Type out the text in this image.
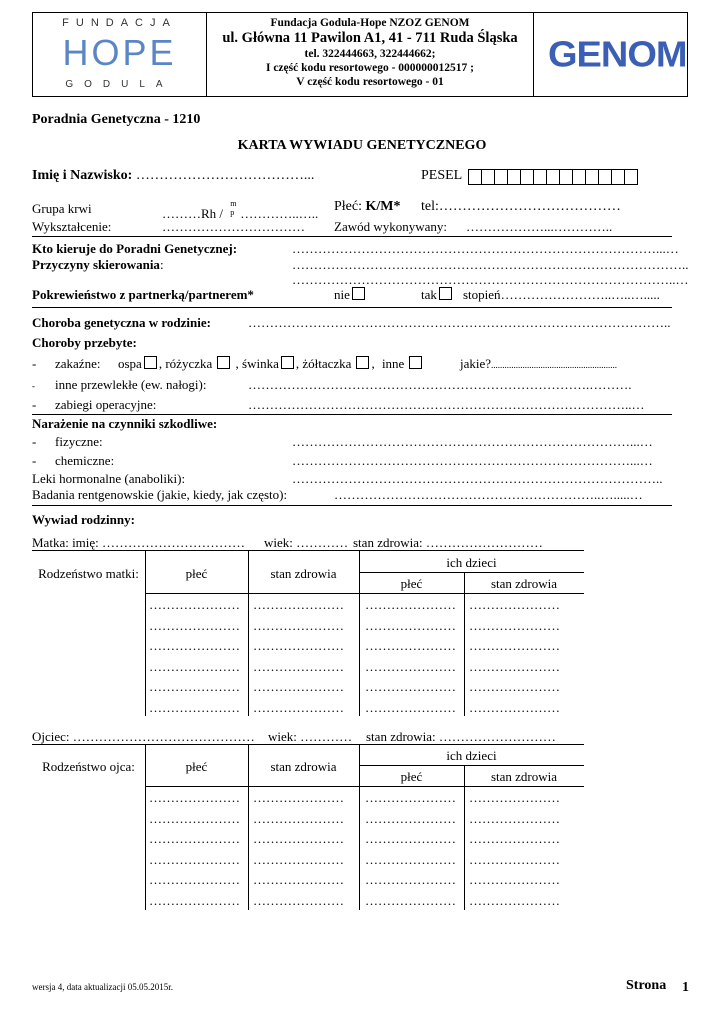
FUNDACJA
HOPE
GODULA
Fundacja Godula-Hope NZOZ GENOM
ul. Główna 11 Pawilon A1, 41 - 711 Ruda Śląska
tel. 322444663, 322444662;
I część kodu resortowego - 000000012517 ;
V część kodu resortowego - 01
GENOM
Poradnia Genetyczna - 1210
KARTA WYWIADU GENETYCZNEGO
Imię i Nazwisko: ………………………………...	PESEL
Grupa krwi	………Rh / m
p …………..….. Płeć: K/M* tel:…………………………………
Wykształcenie:	…………………………… Zawód wykonywany: ………………...…………..
Kto kieruje do Poradni Genetycznej:	…………………………………………………………………………...…
Przyczyny skierowania:	………………………………………………………………………………..
……………………………………………………………………………..…
Pokrewieństwo z partnerką/partnerem*	nie	tak	stopień……………………..…..….....
Choroba genetyczna w rodzinie:	……………………………………………………………………………………..
Choroby przebyte:
- zakaźne: ospa , różyczka , świnka , żółtaczka , inne	jakie?........................................................
- inne przewlekłe (ew. nałogi):	…………………………………………………………………….……….
- zabiegi operacyjne:	……………………………………………………………………………..…
Narażenie na czynniki szkodliwe:
- fizyczne:	……………………………………………………………………...…
- chemiczne:	……………………………………………………………………...…
Leki hormonalne (anaboliki):	…………………………………………………………………………..
Badania rentgenowskie (jakie, kiedy, jak często):	……………………………………………………..….....…
Wywiad rodzinny:
Matka: imię: …………………………… wiek: ………… stan zdrowia: ………………………
Rodzeństwo matki:	płeć	stan zdrowia
ich dzieci
płeć	stan zdrowia
………………… ………………… ………………… …………………
………………… ………………… ………………… …………………
………………… ………………… ………………… …………………
………………… ………………… ………………… …………………
………………… ………………… ………………… …………………
………………… ………………… ………………… …………………
Ojciec: …………………………………… wiek: ………… stan zdrowia: ………………………
Rodzeństwo ojca:	płeć	stan zdrowia
ich dzieci
płeć	stan zdrowia
………………… ………………… ………………… …………………
………………… ………………… ………………… …………………
………………… ………………… ………………… …………………
………………… ………………… ………………… …………………
………………… ………………… ………………… …………………
………………… ………………… ………………… …………………
wersja 4, data aktualizacji 05.05.2015r.	Strona 1
